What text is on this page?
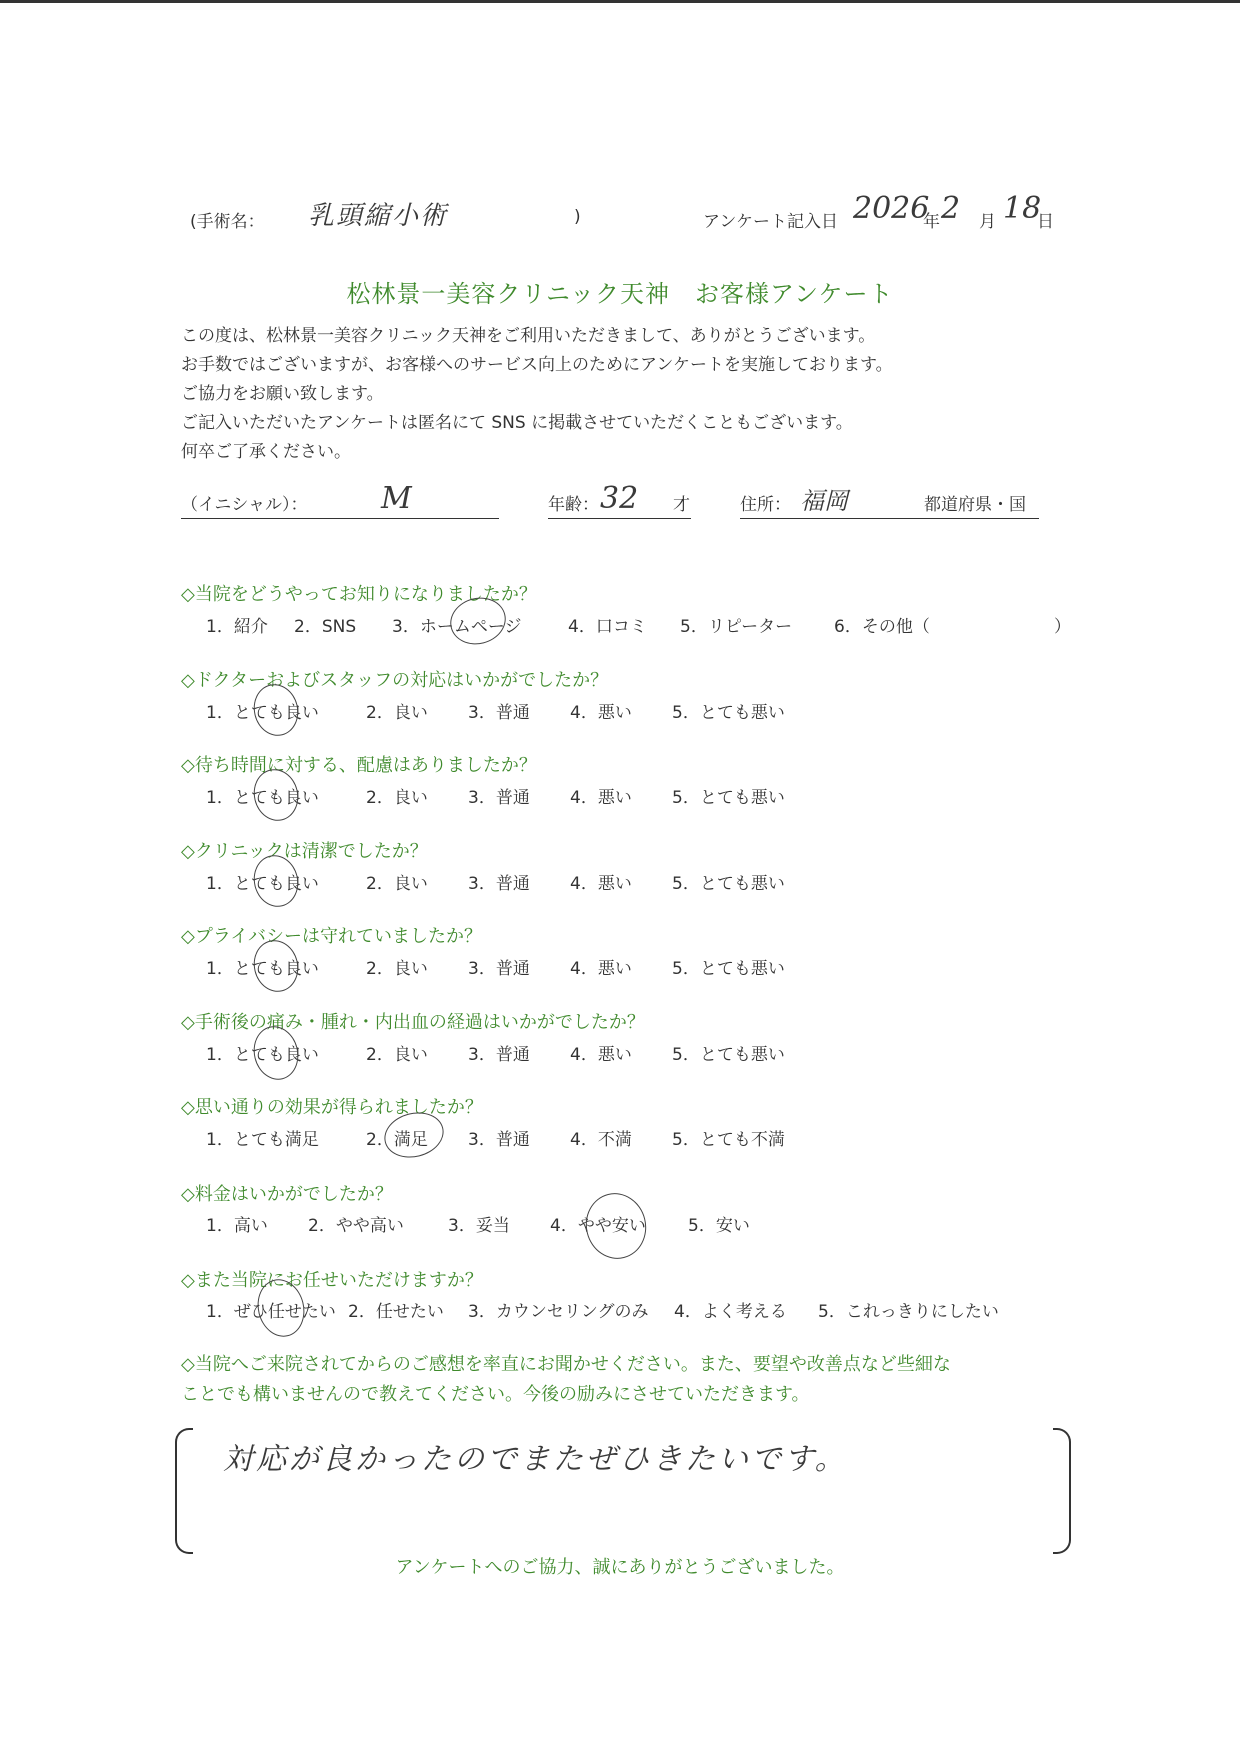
(手術名： 乳頭縮小術	)	アンケート記入日 2026
年 2 月 18
日
松林景一美容クリニック天神　お客様アンケート
この度は、松林景一美容クリニック天神をご利用いただきまして、ありがとうございます。
お手数ではございますが、お客様へのサービス向上のためにアンケートを実施しております。
ご協力をお願い致します。
ご記入いただいたアンケートは匿名にて SNS に掲載させていただくこともございます。
何卒ご了承ください。
（イニシャル）： M	年齢： 32 才	住所： 福岡	都道府県・国
◇当院をどうやってお知りになりましたか？
1．紹介 2．SNS 3．ホームページ	4．口コミ 5．リピーター 6．その他（	）
◇ドクターおよびスタッフの対応はいかがでしたか？
1．とても良い	2．良い 3．普通 4．悪い 5．とても悪い
◇待ち時間に対する、配慮はありましたか？
1．とても良い	2．良い 3．普通 4．悪い 5．とても悪い
◇クリニックは清潔でしたか？
1．とても良い	2．良い 3．普通 4．悪い 5．とても悪い
◇プライバシーは守れていましたか？
1．とても良い	2．良い 3．普通 4．悪い 5．とても悪い
◇手術後の痛み・腫れ・内出血の経過はいかがでしたか？
1．とても良い	2．良い 3．普通 4．悪い 5．とても悪い
◇思い通りの効果が得られましたか？
1．とても満足	2．満足 3．普通 4．不満 5．とても不満
◇料金はいかがでしたか？
1．高い 2．やや高い	3．妥当 4．やや安い 5．安い
◇また当院にお任せいただけますか？
1．ぜひ任せたい 2．任せたい 3．カウンセリングのみ 4．よく考える 5．これっきりにしたい
◇当院へご来院されてからのご感想を率直にお聞かせください。また、要望や改善点など些細な
ことでも構いませんので教えてください。今後の励みにさせていただきます。
対応が良かったのでまたぜひきたいです。
アンケートへのご協力、誠にありがとうございました。
